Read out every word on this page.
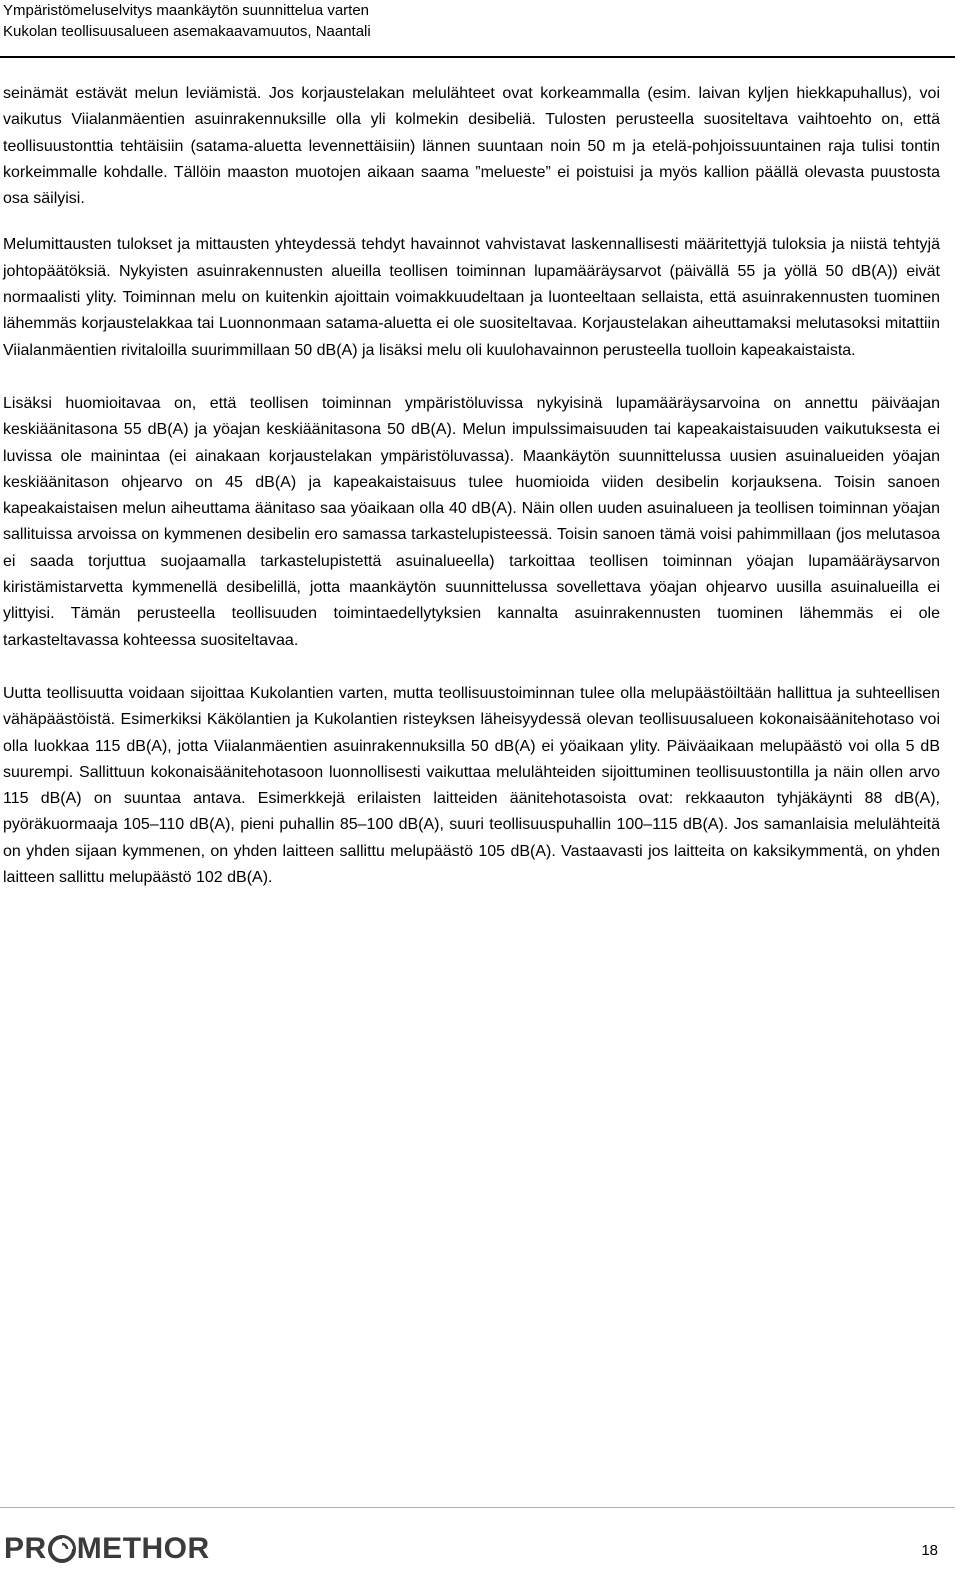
Ympäristömeluselvitys maankäytön suunnittelua varten
Kukolan teollisuusalueen asemakaavamuutos, Naantali

seinämät estävät melun leviämistä. Jos korjaustelakan melulähteet ovat korkeammalla (esim. laivan kyljen hiekkapuhallus), voi vaikutus Viialanmäentien asuinrakennuksille olla yli kolmekin desibeliä. Tulosten perusteella suositeltava vaihtoehto on, että teollisuustonttia tehtäisiin (satama-aluetta levennettäisiin) lännen suuntaan noin 50 m ja etelä-pohjoissuuntainen raja tulisi tontin korkeimmalle kohdalle. Tällöin maaston muotojen aikaan saama ”melueste” ei poistuisi ja myös kallion päällä olevasta puustosta osa säilyisi.

Melumittausten tulokset ja mittausten yhteydessä tehdyt havainnot vahvistavat laskennallisesti määritettyjä tuloksia ja niistä tehtyjä johtopäätöksiä. Nykyisten asuinrakennusten alueilla teollisen toiminnan lupamääräysarvot (päivällä 55 ja yöllä 50 dB(A)) eivät normaalisti ylity. Toiminnan melu on kuitenkin ajoittain voimakkuudeltaan ja luonteeltaan sellaista, että asuinrakennusten tuominen lähemmäs korjaustelakkaa tai Luonnonmaan satama-aluetta ei ole suositeltavaa. Korjaustelakan aiheuttamaksi melutasoksi mitattiin Viialanmäentien rivitaloilla suurimmillaan 50 dB(A) ja lisäksi melu oli kuulohavainnon perusteella tuolloin kapeakaistaista.

Lisäksi huomioitavaa on, että teollisen toiminnan ympäristöluvissa nykyisinä lupamääräysarvoina on annettu päiväajan keskiäänitasona 55 dB(A) ja yöajan keskiäänitasona 50 dB(A). Melun impulssimaisuuden tai kapeakaistaisuuden vaikutuksesta ei luvissa ole mainintaa (ei ainakaan korjaustelakan ympäristöluvassa). Maankäytön suunnittelussa uusien asuinalueiden yöajan keskiäänitason ohjearvo on 45 dB(A) ja kapeakaistaisuus tulee huomioida viiden desibelin korjauksena. Toisin sanoen kapeakaistaisen melun aiheuttama äänitaso saa yöaikaan olla 40 dB(A). Näin ollen uuden asuinalueen ja teollisen toiminnan yöajan sallituissa arvoissa on kymmenen desibelin ero samassa tarkastelupisteessä. Toisin sanoen tämä voisi pahimmillaan (jos melutasoa ei saada torjuttua suojaamalla tarkastelupistettä asuinalueella) tarkoittaa teollisen toiminnan yöajan lupamääräysarvon kiristämistarvetta kymmenellä desibelillä, jotta maankäytön suunnittelussa sovellettava yöajan ohjearvo uusilla asuinalueilla ei ylittyisi. Tämän perusteella teollisuuden toimintaedellytyksien kannalta asuinrakennusten tuominen lähemmäs ei ole tarkasteltavassa kohteessa suositeltavaa.

Uutta teollisuutta voidaan sijoittaa Kukolantien varten, mutta teollisuustoiminnan tulee olla melupäästöiltään hallittua ja suhteellisen vähäpäästöistä. Esimerkiksi Käkölantien ja Kukolantien risteyksen läheisyydessä olevan teollisuusalueen kokonaisäänitehotaso voi olla luokkaa 115 dB(A), jotta Viialanmäentien asuinrakennuksilla 50 dB(A) ei yöaikaan ylity. Päiväaikaan melupäästö voi olla 5 dB suurempi. Sallittuun kokonaisäänitehotasoon luonnollisesti vaikuttaa melulähteiden sijoittuminen teollisuustontilla ja näin ollen arvo 115 dB(A) on suuntaa antava. Esimerkkejä erilaisten laitteiden äänitehotasoista ovat: rekkaauton tyhjäkäynti 88 dB(A), pyöräkuormaaja 105–110 dB(A), pieni puhallin 85–100 dB(A), suuri teollisuuspuhallin 100–115 dB(A). Jos samanlaisia melulähteitä on yhden sijaan kymmenen, on yhden laitteen sallittu melupäästö 105 dB(A). Vastaavasti jos laitteita on kaksikymmentä, on yhden laitteen sallittu melupäästö 102 dB(A).

PR METHOR	18
